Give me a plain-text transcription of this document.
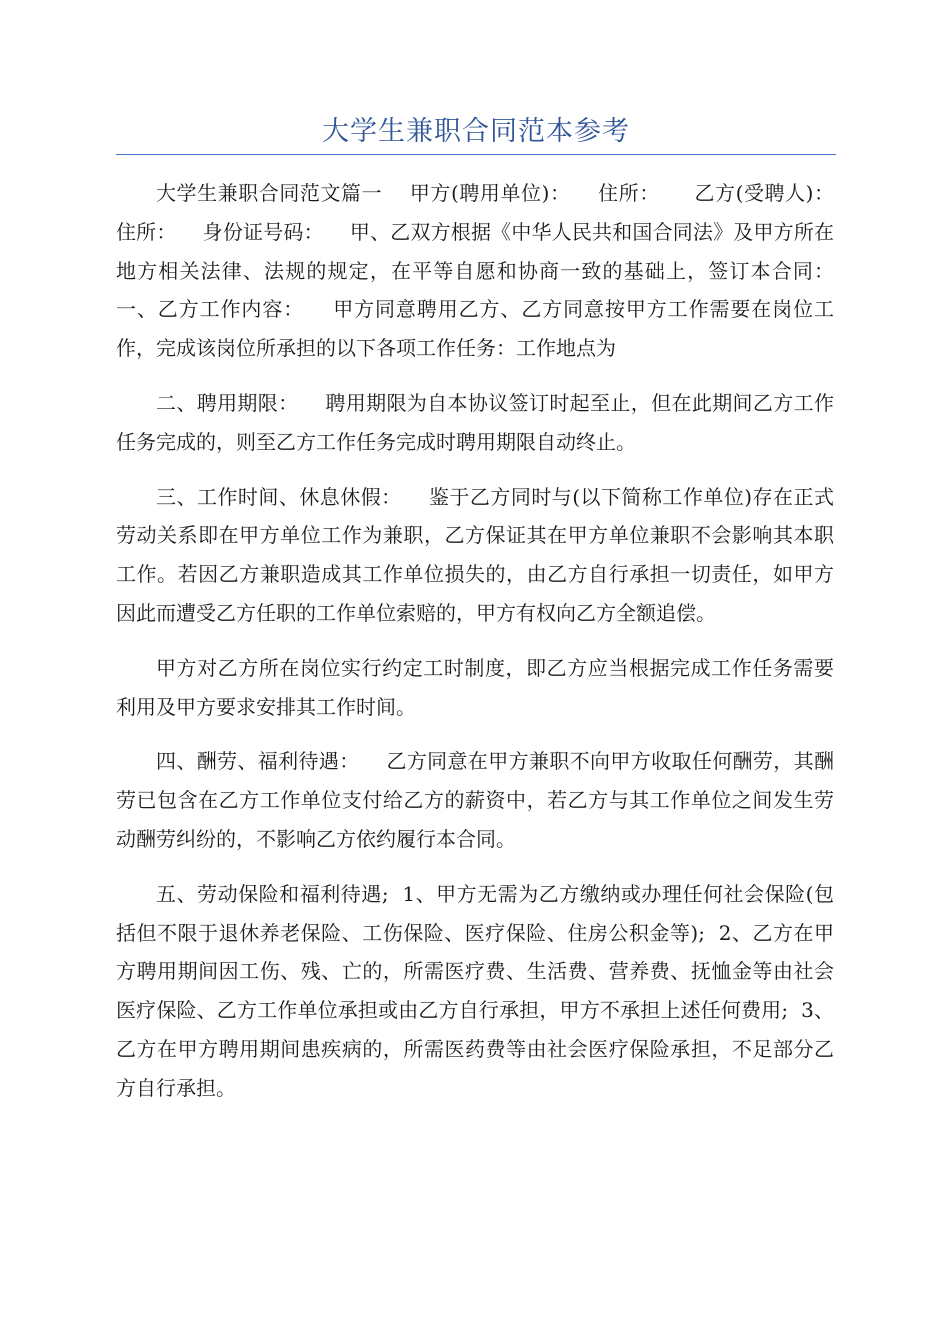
大学生兼职合同范本参考

大学生兼职合同范文篇一    甲方(聘用单位)：    住所：     乙方(受聘人)：    住所：    身份证号码：    甲、乙双方根据《中华人民共和国合同法》及甲方所在地方相关法律、法规的规定，在平等自愿和协商一致的基础上，签订本合同：    一、乙方工作内容：    甲方同意聘用乙方、乙方同意按甲方工作需要在岗位工作，完成该岗位所承担的以下各项工作任务：工作地点为

二、聘用期限：    聘用期限为自本协议签订时起至止，但在此期间乙方工作任务完成的，则至乙方工作任务完成时聘用期限自动终止。

三、工作时间、休息休假：    鉴于乙方同时与(以下简称工作单位)存在正式劳动关系即在甲方单位工作为兼职，乙方保证其在甲方单位兼职不会影响其本职工作。若因乙方兼职造成其工作单位损失的，由乙方自行承担一切责任，如甲方因此而遭受乙方任职的工作单位索赔的，甲方有权向乙方全额追偿。

甲方对乙方所在岗位实行约定工时制度，即乙方应当根据完成工作任务需要利用及甲方要求安排其工作时间。

四、酬劳、福利待遇：    乙方同意在甲方兼职不向甲方收取任何酬劳，其酬劳已包含在乙方工作单位支付给乙方的薪资中，若乙方与其工作单位之间发生劳动酬劳纠纷的，不影响乙方依约履行本合同。

五、劳动保险和福利待遇;  1、甲方无需为乙方缴纳或办理任何社会保险(包括但不限于退休养老保险、工伤保险、医疗保险、住房公积金等);  2、乙方在甲方聘用期间因工伤、残、亡的，所需医疗费、生活费、营养费、抚恤金等由社会医疗保险、乙方工作单位承担或由乙方自行承担，甲方不承担上述任何费用;  3、乙方在甲方聘用期间患疾病的，所需医药费等由社会医疗保险承担，不足部分乙方自行承担。
